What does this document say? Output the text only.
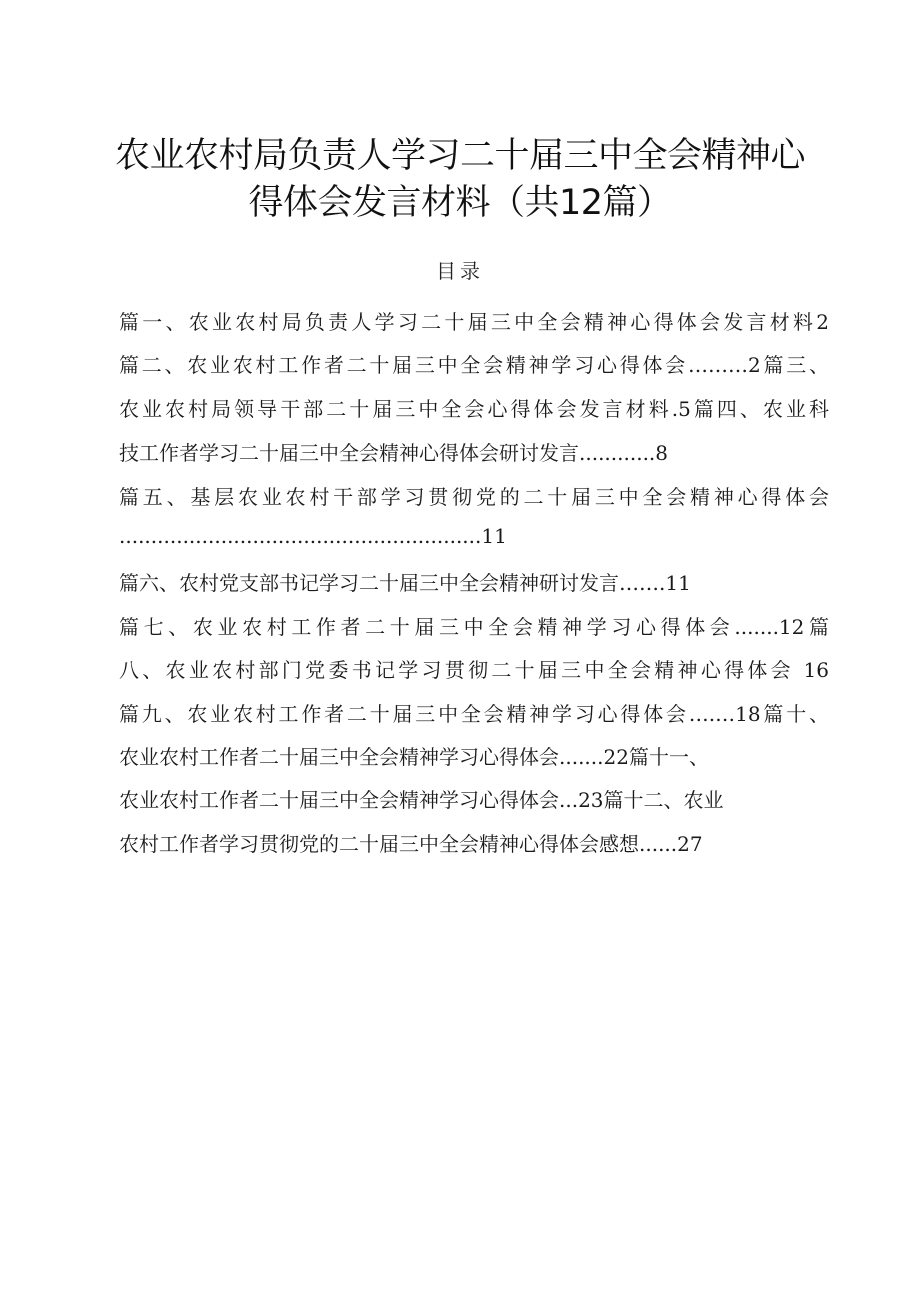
农业农村局负责人学习二十届三中全会精神心
得体会发言材料（共12篇）
目录
篇一、农业农村局负责人学习二十届三中全会精神心得体会发言材料2
篇二、农业农村工作者二十届三中全会精神学习心得体会………2篇三、
农业农村局领导干部二十届三中全会心得体会发言材料.5篇四、农业科
技工作者学习二十届三中全会精神心得体会研讨发言............8
篇五、基层农业农村干部学习贯彻党的二十届三中全会精神心得体会
.........................................................11
篇六、农村党支部书记学习二十届三中全会精神研讨发言…….11
篇七、农业农村工作者二十届三中全会精神学习心得体会.......12篇
八、农业农村部门党委书记学习贯彻二十届三中全会精神心得体会 16
篇九、农业农村工作者二十届三中全会精神学习心得体会….…18篇十、
农业农村工作者二十届三中全会精神学习心得体会.......22篇十一、
农业农村工作者二十届三中全会精神学习心得体会...23篇十二、农业
农村工作者学习贯彻党的二十届三中全会精神心得体会感想......27
